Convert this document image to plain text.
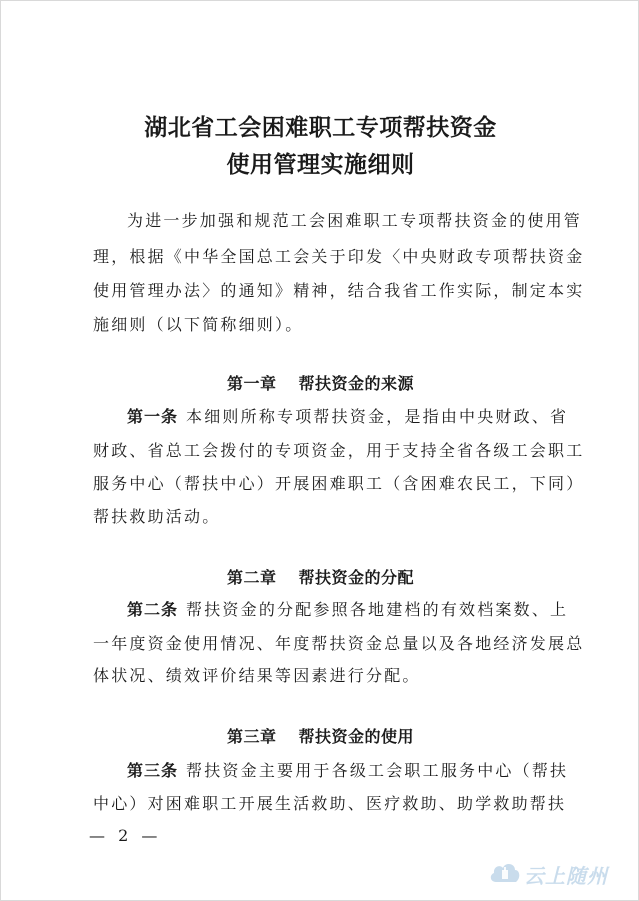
湖北省工会困难职工专项帮扶资金
使用管理实施细则

为进一步加强和规范工会困难职工专项帮扶资金的使用管

理，根据《中华全国总工会关于印发〈中央财政专项帮扶资金

使用管理办法〉的通知》精神，结合我省工作实际，制定本实

施细则（以下简称细则）。

第一章 帮扶资金的来源

第一条 本细则所称专项帮扶资金，是指由中央财政、省

财政、省总工会拨付的专项资金，用于支持全省各级工会职工

服务中心（帮扶中心）开展困难职工（含困难农民工，下同）

帮扶救助活动。

第二章 帮扶资金的分配

第二条 帮扶资金的分配参照各地建档的有效档案数、上

一年度资金使用情况、年度帮扶资金总量以及各地经济发展总

体状况、绩效评价结果等因素进行分配。

第三章 帮扶资金的使用

第三条 帮扶资金主要用于各级工会职工服务中心（帮扶

中心）对困难职工开展生活救助、医疗救助、助学救助帮扶

— 2 —

云上随州
